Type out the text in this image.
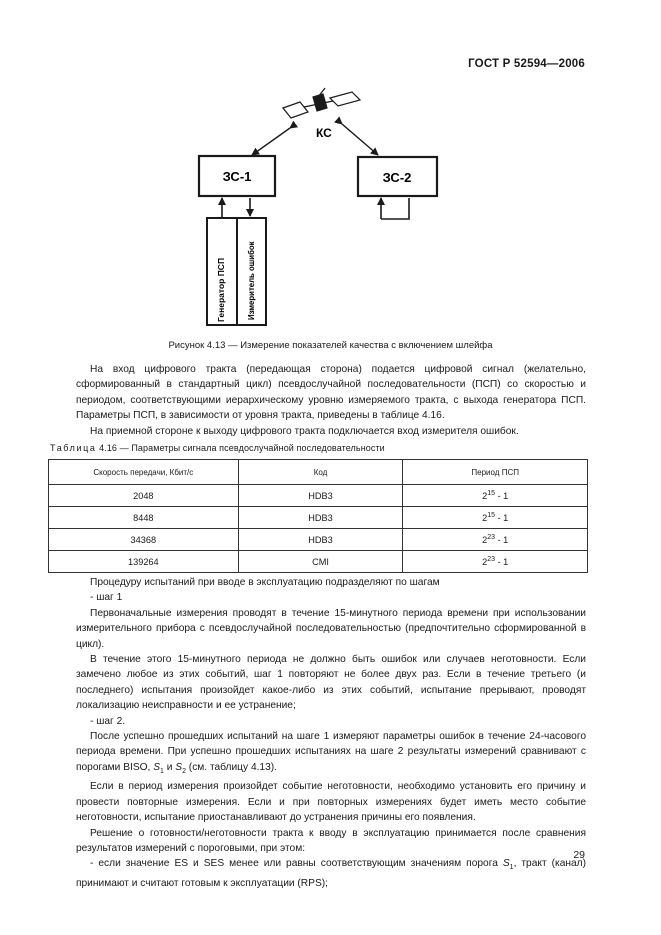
ГОСТ Р 52594—2006
КС
ЗС-1	ЗС-2
Генератор ПСП	Измеритель ошибок
Рисунок 4.13 — Измерение показателей качества с включением шлейфа

На вход цифрового тракта (передающая сторона) подается цифровой сигнал (желательно, сформированный в стандартный цикл) псевдослучайной последовательности (ПСП) со скоростью и периодом, соответствующими иерархическому уровню измеряемого тракта, с выхода генератора ПСП. Параметры ПСП, в зависимости от уровня тракта, приведены в таблице 4.16.

На приемной стороне к выходу цифрового тракта подключается вход измерителя ошибок.

Таблица 4.16 — Параметры сигнала псевдослучайной последовательности
Скорость передачи, Кбит/с	Код	Период ПСП
2048	HDB3	$2^{15} - 1$
8448	HDB3	$2^{15} - 1$
34368	HDB3	$2^{23} - 1$
139264	CMI	$2^{23} - 1$

Процедуру испытаний при вводе в эксплуатацию подразделяют по шагам

- шаг 1

Первоначальные измерения проводят в течение 15-минутного периода времени при использовании измерительного прибора с псевдослучайной последовательностью (предпочтительно сформированной в цикл).

В течение этого 15-минутного периода не должно быть ошибок или случаев неготовности. Если замечено любое из этих событий, шаг 1 повторяют не более двух раз. Если в течение третьего (и последнего) испытания произойдет какое-либо из этих событий, испытание прерывают, проводят локализацию неисправности и ее устранение;

- шаг 2.

После успешно прошедших испытаний на шаге 1 измеряют параметры ошибок в течение 24-часового периода времени. При успешно прошедших испытаниях на шаге 2 результаты измерений сравнивают с порогами BISO, $S_1$ и $S_2$ (см. таблицу 4.13).

Если в период измерения произойдет событие неготовности, необходимо установить его причину и провести повторные измерения. Если и при повторных измерениях будет иметь место событие неготовности, испытание приостанавливают до устранения причины его появления.

Решение о готовности/неготовности тракта к вводу в эксплуатацию принимается после сравнения результатов измерений с пороговыми, при этом:

- если значение ES и SES менее или равны соответствующим значениям порога $S_1$, тракт (канал) принимают и считают готовым к эксплуатации (RPS);

29
